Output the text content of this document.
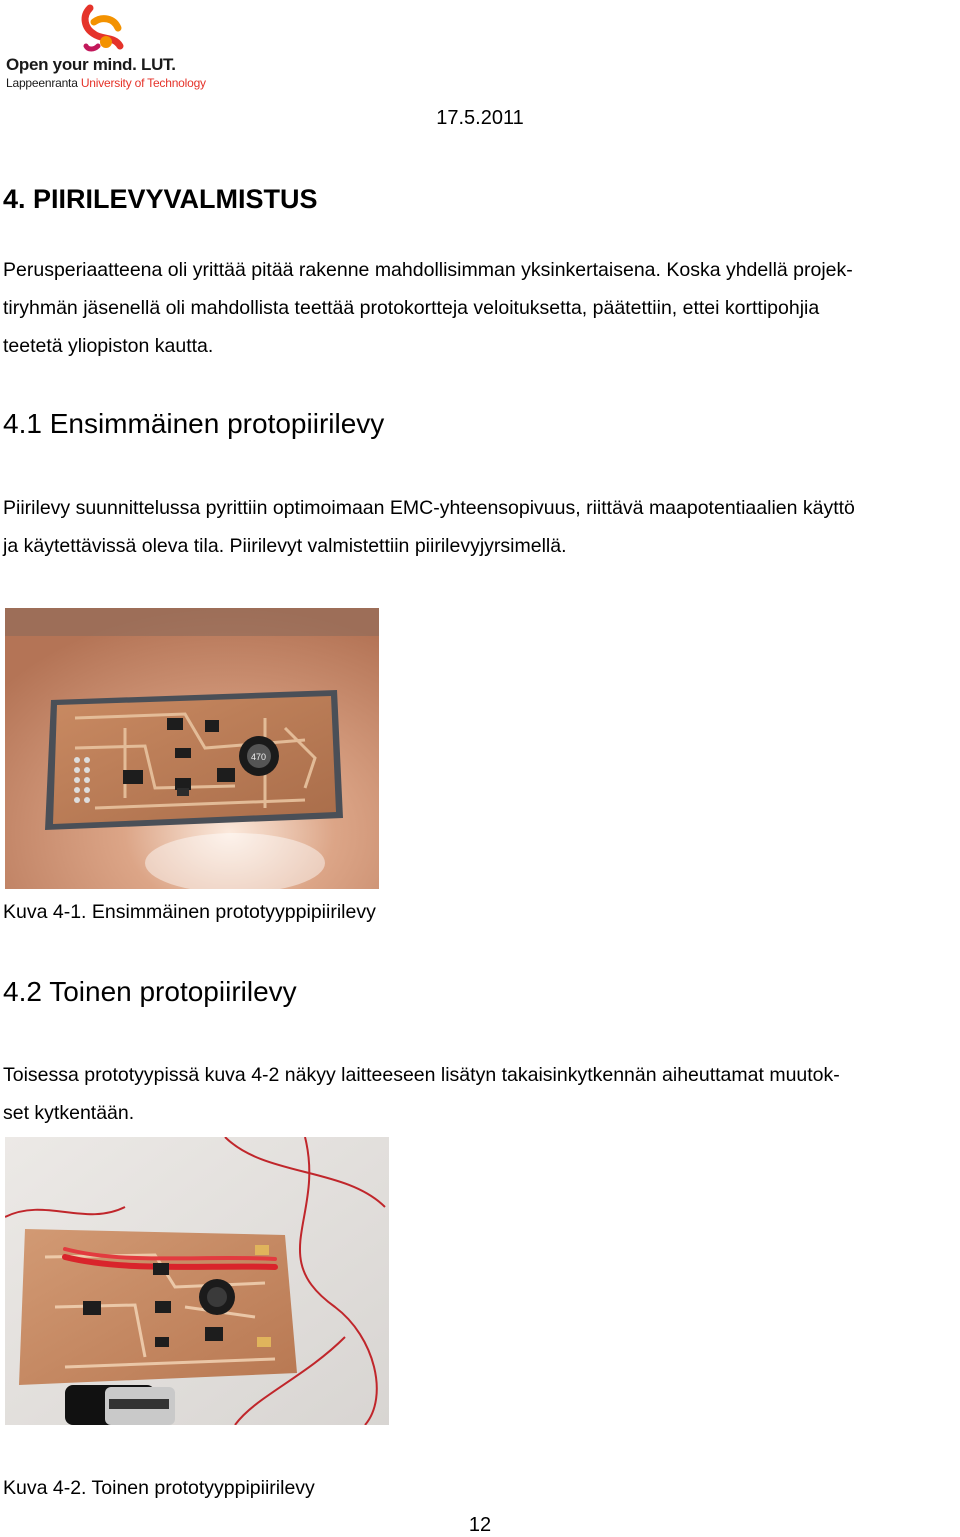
Open your mind. LUT.
Lappeenranta University of Technology
17.5.2011
4. PIIRILEVYVALMISTUS
Perusperiaatteena oli yrittää pitää rakenne mahdollisimman yksinkertaisena. Koska yhdellä projek-
tiryhmän jäsenellä oli mahdollista teettää protokortteja veloituksetta, päätettiin, ettei korttipohjia
teetetä yliopiston kautta.
4.1 Ensimmäinen protopiirilevy
Piirilevy suunnittelussa pyrittiin optimoimaan EMC-yhteensopivuus, riittävä maapotentiaalien käyttö
ja käytettävissä oleva tila. Piirilevyt valmistettiin piirilevyjyrsimellä.
470
Kuva 4-1. Ensimmäinen prototyyppipiirilevy
4.2 Toinen protopiirilevy
Toisessa prototyypissä kuva 4-2 näkyy laitteeseen lisätyn takaisinkytkennän aiheuttamat muutok-
set kytkentään.
Kuva 4-2. Toinen prototyyppipiirilevy
12
